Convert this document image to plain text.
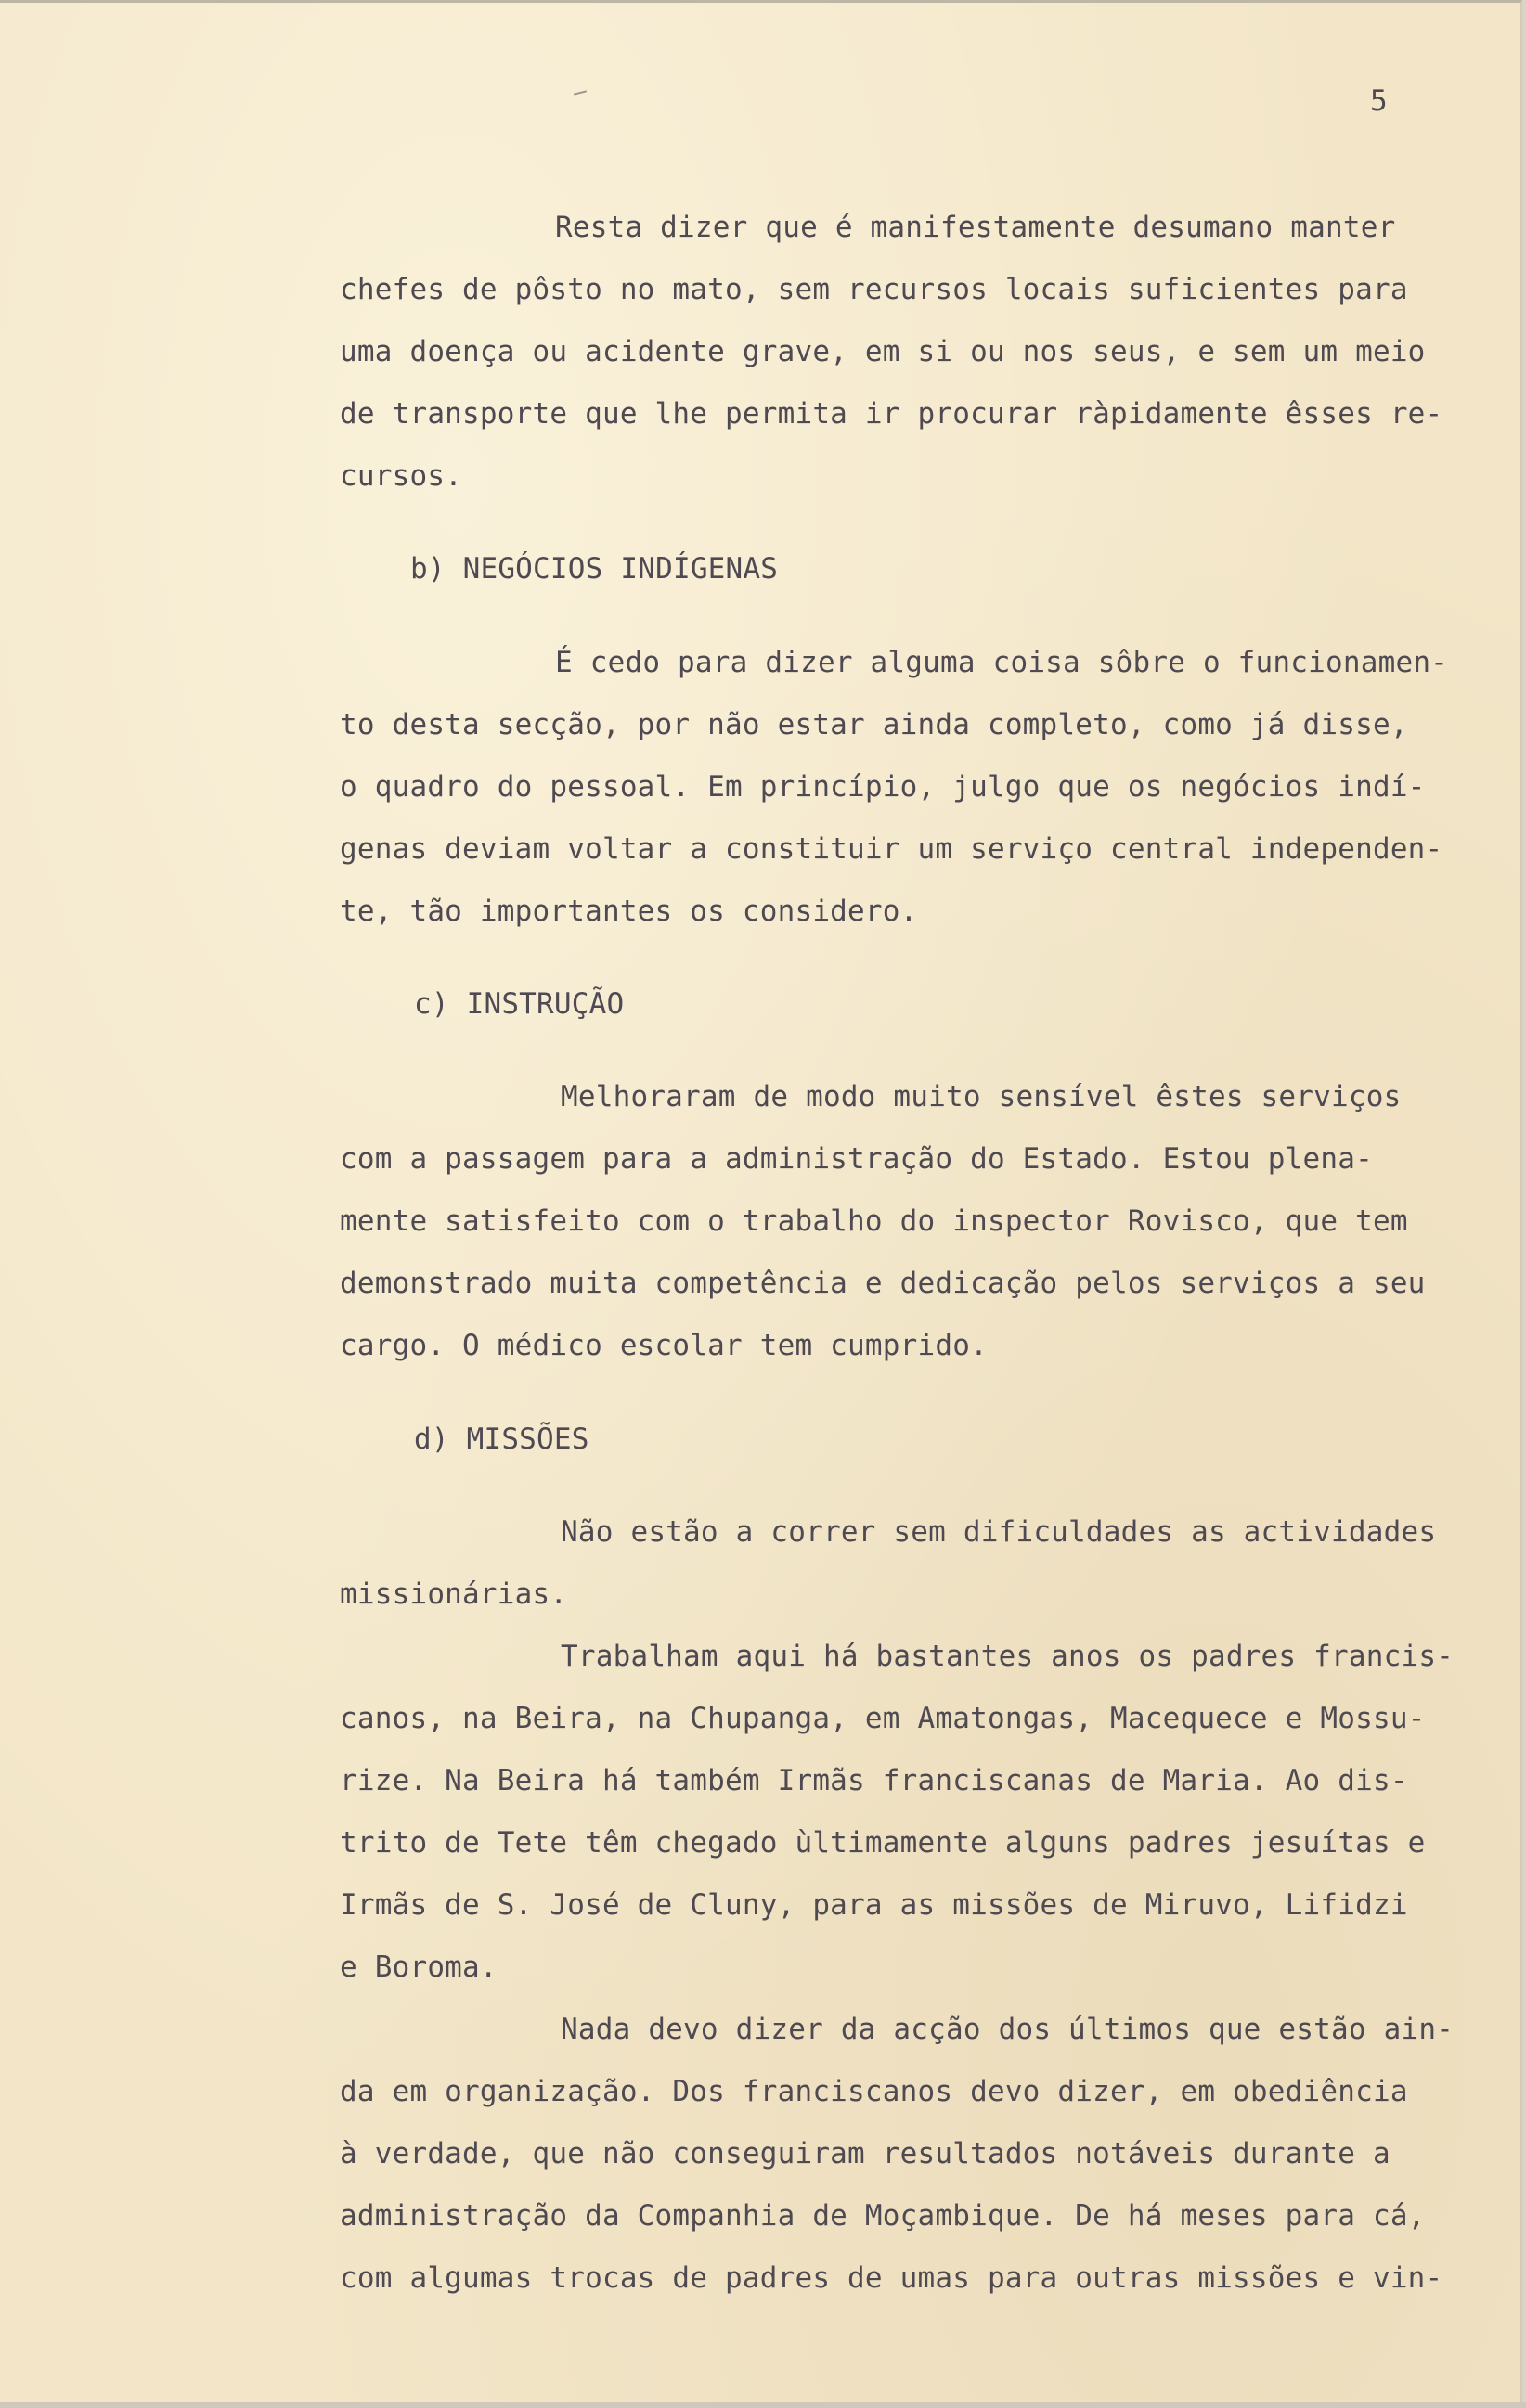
5
Resta dizer que é manifestamente desumano manter
chefes de pôsto no mato, sem recursos locais suficientes para
uma doença ou acidente grave, em si ou nos seus, e sem um meio
de transporte que lhe permita ir procurar ràpidamente êsses re-
cursos.
b) NEGÓCIOS INDÍGENAS
É cedo para dizer alguma coisa sôbre o funcionamen-
to desta secção, por não estar ainda completo, como já disse,
o quadro do pessoal. Em princípio, julgo que os negócios indí-
genas deviam voltar a constituir um serviço central independen-
te, tão importantes os considero.
c) INSTRUÇÃO
Melhoraram de modo muito sensível êstes serviços
com a passagem para a administração do Estado. Estou plena-
mente satisfeito com o trabalho do inspector Rovisco, que tem
demonstrado muita competência e dedicação pelos serviços a seu
cargo. O médico escolar tem cumprido.
d) MISSÕES
Não estão a correr sem dificuldades as actividades
missionárias.
Trabalham aqui há bastantes anos os padres francis-
canos, na Beira, na Chupanga, em Amatongas, Macequece e Mossu-
rize. Na Beira há também Irmãs franciscanas de Maria. Ao dis-
trito de Tete têm chegado ùltimamente alguns padres jesuítas e
Irmãs de S. José de Cluny, para as missões de Miruvo, Lifidzi
e Boroma.
Nada devo dizer da acção dos últimos que estão ain-
da em organização. Dos franciscanos devo dizer, em obediência
à verdade, que não conseguiram resultados notáveis durante a
administração da Companhia de Moçambique. De há meses para cá,
com algumas trocas de padres de umas para outras missões e vin-
